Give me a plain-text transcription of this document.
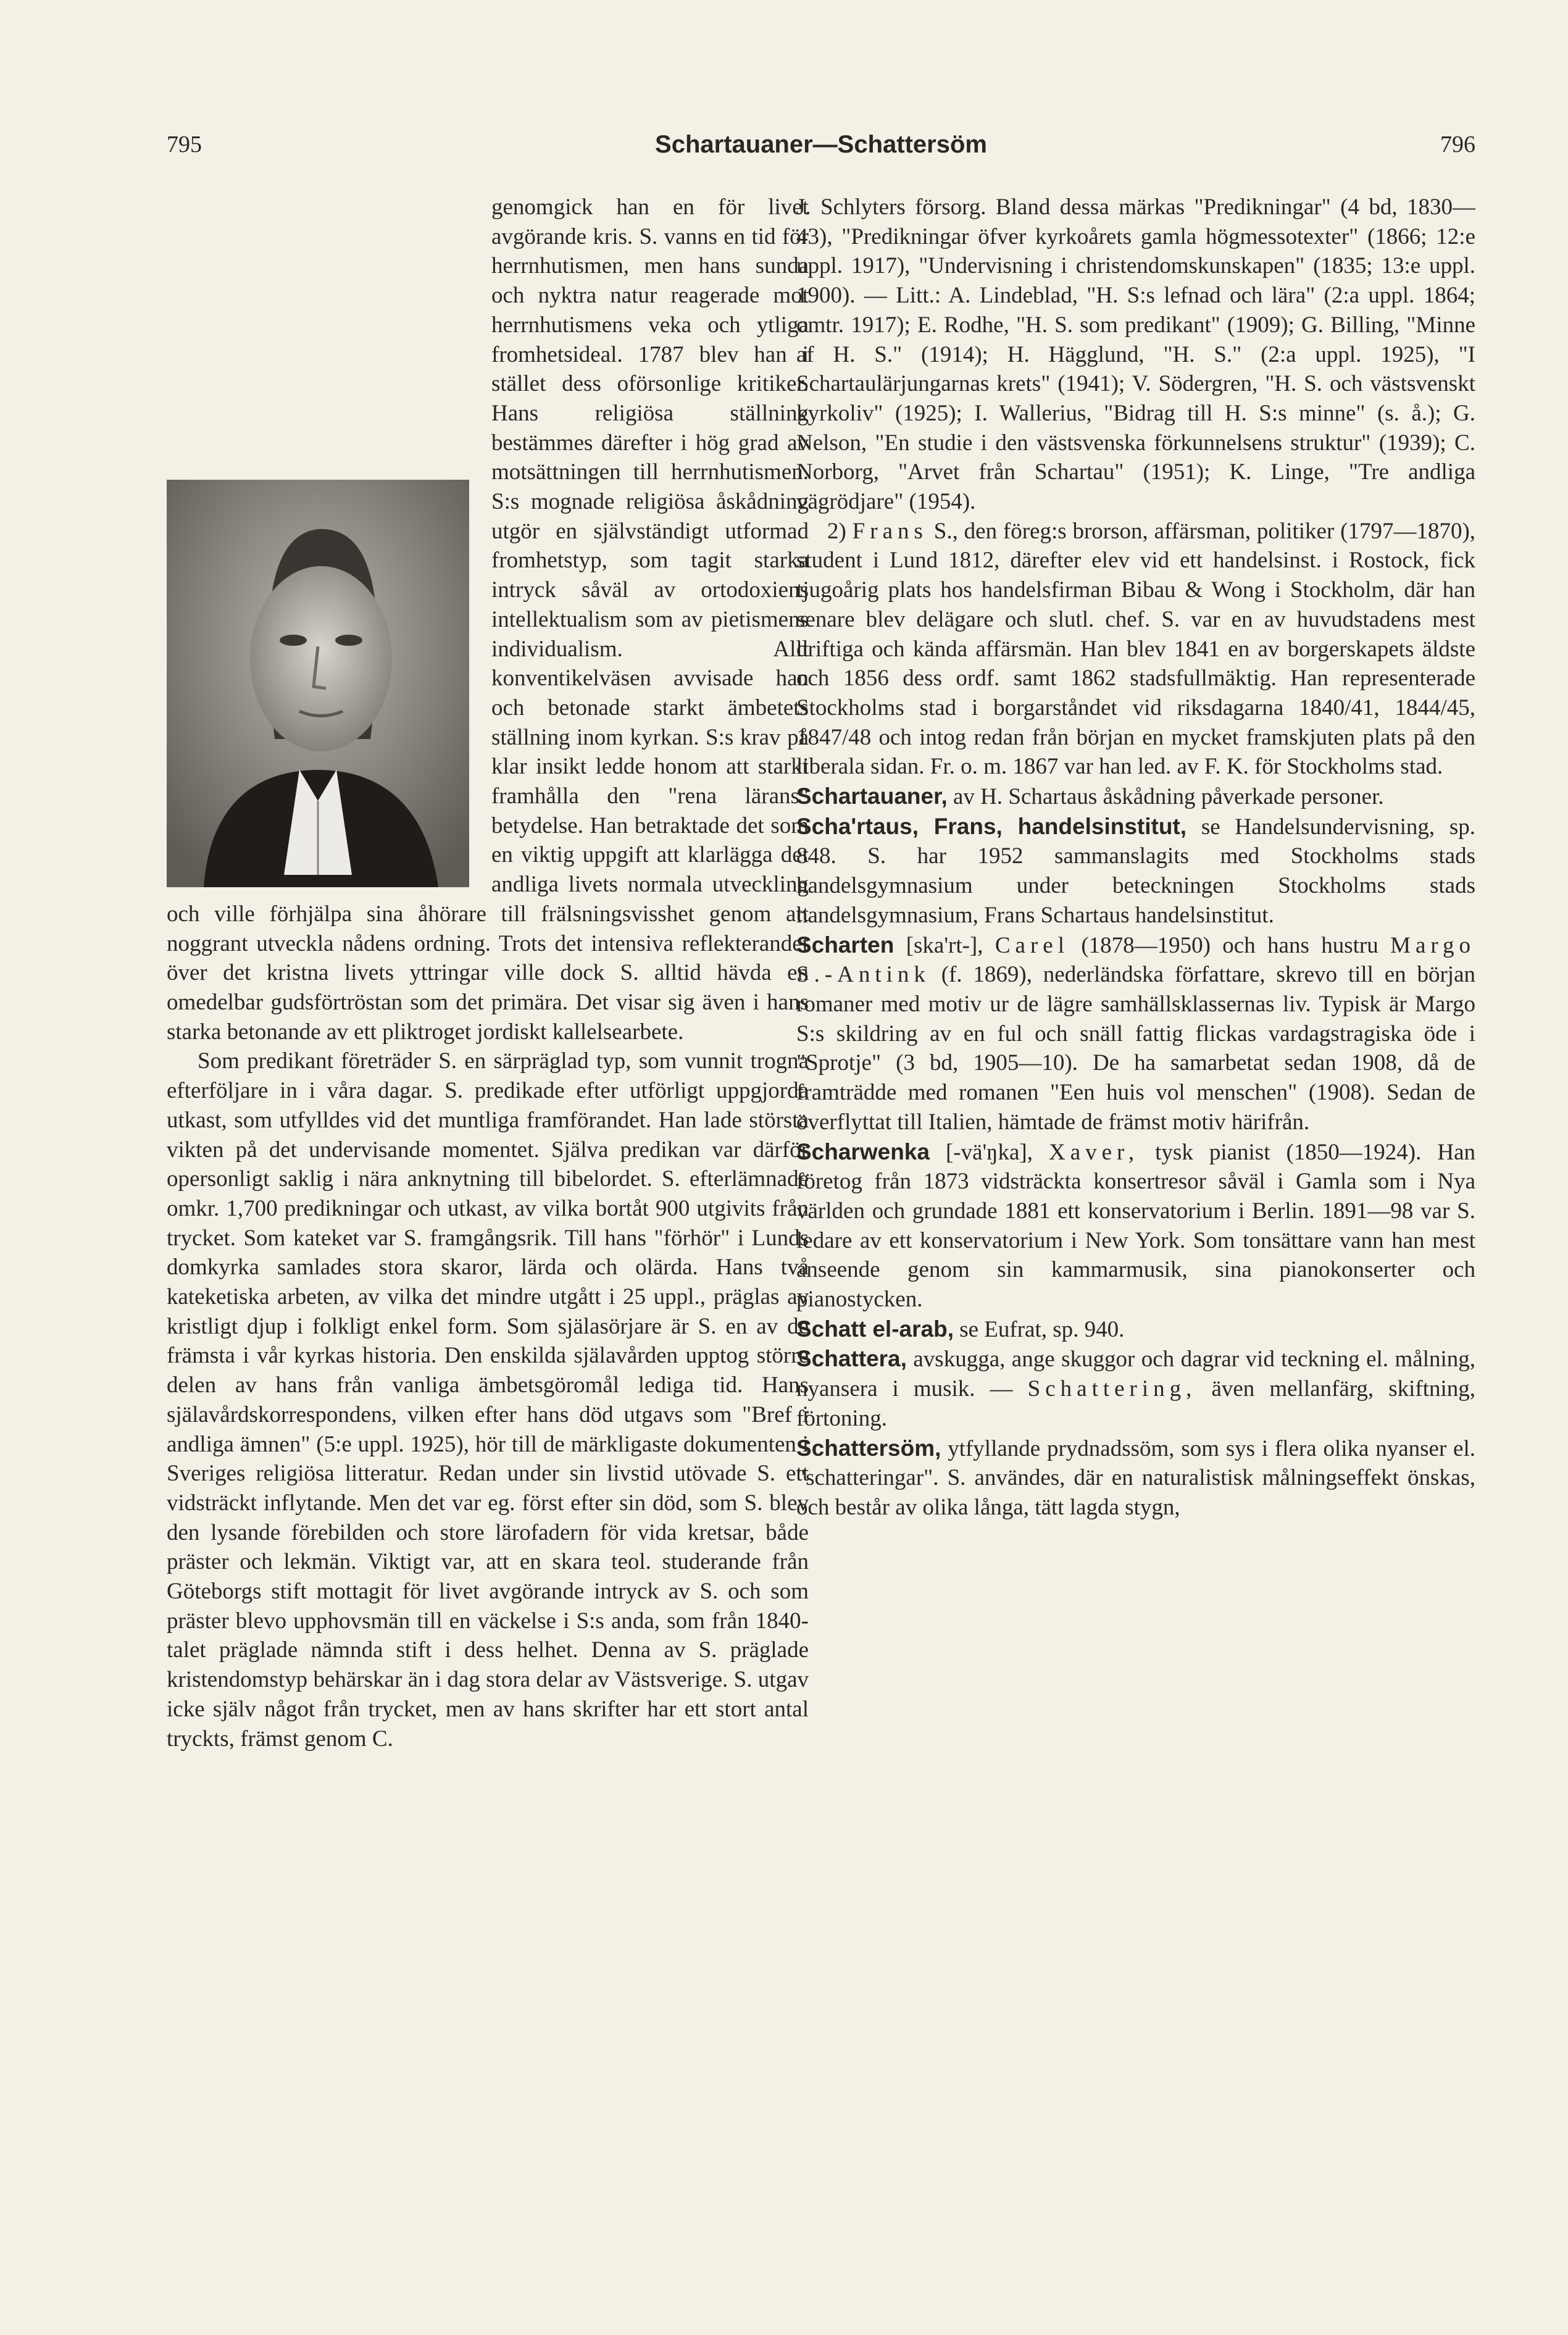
795	Schartauaner—Schattersöm	796

genomgick han en för livet avgörande kris. S. vanns en tid för herrnhutismen, men hans sunda och nyktra natur reagerade mot herrnhutismens veka och ytliga fromhetsideal. 1787 blev han i stället dess oförsonlige kritiker. Hans religiösa ställning bestämmes därefter i hög grad av motsättningen till herrnhutismen. S:s mognade religiösa åskådning utgör en självständigt utformad fromhetstyp, som tagit starka intryck såväl av ortodoxiens intellektualism som av pietismens individualism. Allt konventikelväsen avvisade han och betonade starkt ämbetets ställning inom kyrkan. S:s krav på klar insikt ledde honom att starkt framhålla den "rena lärans" betydelse. Han betraktade det som en viktig uppgift att klarlägga det andliga livets normala utveckling och ville förhjälpa sina åhörare till frälsningsvisshet genom att noggrant utveckla nådens ordning. Trots det intensiva reflekterandet över det kristna livets yttringar ville dock S. alltid hävda en omedelbar gudsförtröstan som det primära. Det visar sig även i hans starka betonande av ett pliktroget jordiskt kallelsearbete.

Som predikant företräder S. en särpräglad typ, som vunnit trogna efterföljare in i våra dagar. S. predikade efter utförligt uppgjorda utkast, som utfylldes vid det muntliga framförandet. Han lade största vikten på det undervisande momentet. Själva predikan var därför opersonligt saklig i nära anknytning till bibelordet. S. efterlämnade omkr. 1,700 predikningar och utkast, av vilka bortåt 900 utgivits från trycket. Som kateket var S. framgångsrik. Till hans "förhör" i Lunds domkyrka samlades stora skaror, lärda och olärda. Hans två kateketiska arbeten, av vilka det mindre utgått i 25 uppl., präglas av kristligt djup i folkligt enkel form. Som själasörjare är S. en av de främsta i vår kyrkas historia. Den enskilda själavården upptog större delen av hans från vanliga ämbetsgöromål lediga tid. Hans själavårdskorrespondens, vilken efter hans död utgavs som "Bref i andliga ämnen" (5:e uppl. 1925), hör till de märkligaste dokumenten i Sveriges religiösa litteratur. Redan under sin livstid utövade S. ett vidsträckt inflytande. Men det var eg. först efter sin död, som S. blev den lysande förebilden och store lärofadern för vida kretsar, både präster och lekmän. Viktigt var, att en skara teol. studerande från Göteborgs stift mottagit för livet avgörande intryck av S. och som präster blevo upphovsmän till en väckelse i S:s anda, som från 1840-talet präglade nämnda stift i dess helhet. Denna av S. präglade kristendomstyp behärskar än i dag stora delar av Västsverige. S. utgav icke själv något från trycket, men av hans skrifter har ett stort antal tryckts, främst genom C.

J. Schlyters försorg. Bland dessa märkas "Predikningar" (4 bd, 1830—43), "Predikningar öfver kyrkoårets gamla högmessotexter" (1866; 12:e uppl. 1917), "Undervisning i christendomskunskapen" (1835; 13:e uppl. 1900). — Litt.: A. Lindeblad, "H. S:s lefnad och lära" (2:a uppl. 1864; omtr. 1917); E. Rodhe, "H. S. som predikant" (1909); G. Billing, "Minne af H. S." (1914); H. Hägglund, "H. S." (2:a uppl. 1925), "I Schartaulärjungarnas krets" (1941); V. Södergren, "H. S. och västsvenskt kyrkoliv" (1925); I. Wallerius, "Bidrag till H. S:s minne" (s. å.); G. Nelson, "En studie i den västsvenska förkunnelsens struktur" (1939); C. Norborg, "Arvet från Schartau" (1951); K. Linge, "Tre andliga vägrödjare" (1954).

2) Frans S., den föreg:s brorson, affärsman, politiker (1797—1870), student i Lund 1812, därefter elev vid ett handelsinst. i Rostock, fick tjugoårig plats hos handelsfirman Bibau & Wong i Stockholm, där han senare blev delägare och slutl. chef. S. var en av huvudstadens mest driftiga och kända affärsmän. Han blev 1841 en av borgerskapets äldste och 1856 dess ordf. samt 1862 stadsfullmäktig. Han representerade Stockholms stad i borgarståndet vid riksdagarna 1840/41, 1844/45, 1847/48 och intog redan från början en mycket framskjuten plats på den liberala sidan. Fr. o. m. 1867 var han led. av F. K. för Stockholms stad.

Schartauaner, av H. Schartaus åskådning påverkade personer.

Scha'rtaus, Frans, handelsinstitut, se Handelsundervisning, sp. 848. S. har 1952 sammanslagits med Stockholms stads handelsgymnasium under beteckningen Stockholms stads handelsgymnasium, Frans Schartaus handelsinstitut.

Scharten [ska'rt-], Carel (1878—1950) och hans hustru Margo S.-Antink (f. 1869), nederländska författare, skrevo till en början romaner med motiv ur de lägre samhällsklassernas liv. Typisk är Margo S:s skildring av en ful och snäll fattig flickas vardagstragiska öde i "Sprotje" (3 bd, 1905—10). De ha samarbetat sedan 1908, då de framträdde med romanen "Een huis vol menschen" (1908). Sedan de överflyttat till Italien, hämtade de främst motiv härifrån.

Scharwenka [-vä'ŋka], Xaver, tysk pianist (1850—1924). Han företog från 1873 vidsträckta konsertresor såväl i Gamla som i Nya världen och grundade 1881 ett konservatorium i Berlin. 1891—98 var S. ledare av ett konservatorium i New York. Som tonsättare vann han mest anseende genom sin kammarmusik, sina pianokonserter och pianostycken.

Schatt el-arab, se Eufrat, sp. 940.

Schattera, avskugga, ange skuggor och dagrar vid teckning el. målning, nyansera i musik. — Schattering, även mellanfärg, skiftning, förtoning.

Schattersöm, ytfyllande prydnadssöm, som sys i flera olika nyanser el. "schatteringar". S. användes, där en naturalistisk målningseffekt önskas, och består av olika långa, tätt lagda stygn,
